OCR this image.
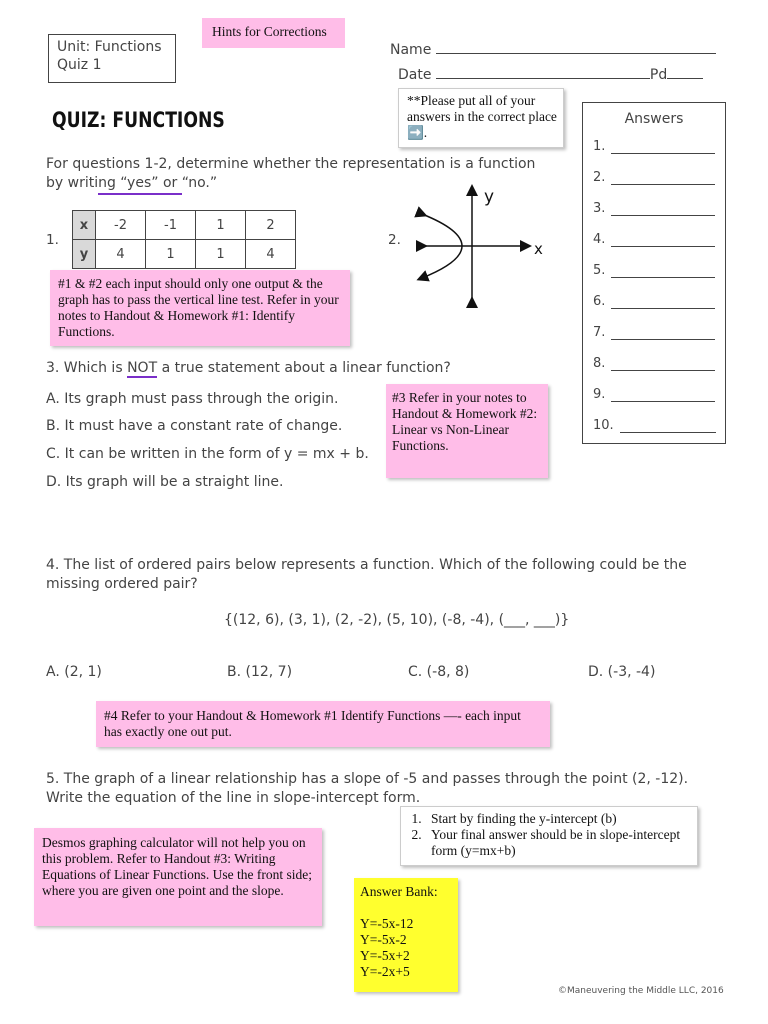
Unit: Functions
Quiz 1
Hints for Corrections
Name
Date	Pd
QUIZ: FUNCTIONS
**Please put all of your answers in the correct place ➡️.
Answers
1.
2.
3.
4.
5.
6.
7.
8.
9.
10.
For questions 1-2, determine whether the representation is a function by writing “yes” or “no.”
1.
x	-2	-1	1	2
y	4	1	1	4
2.
y
x
#1 & #2 each input should only one output & the graph has to pass the vertical line test. Refer in your notes to Handout & Homework #1: Identify Functions.
3. Which is NOT a true statement about a linear function?
A. Its graph must pass through the origin.
B. It must have a constant rate of change.
C. It can be written in the form of y = mx + b.
D. Its graph will be a straight line.
#3 Refer in your notes to Handout & Homework #2: Linear vs Non-Linear Functions.
4. The list of ordered pairs below represents a function. Which of the following could be the missing ordered pair?
{(12, 6), (3, 1), (2, -2), (5, 10), (-8, -4), (___, ___)}
A. (2, 1)	B. (12, 7)	C. (-8, 8)	D. (-3, -4)
#4 Refer to your Handout & Homework #1 Identify Functions —- each input has exactly one out put.
5. The graph of a linear relationship has a slope of -5 and passes through the point (2, -12). Write the equation of the line in slope-intercept form.
1. Start by finding the y-intercept (b)
2. Your final answer should be in slope-intercept form (y=mx+b)
Desmos graphing calculator will not help you on this problem. Refer to Handout #3: Writing Equations of Linear Functions. Use the front side; where you are given one point and the slope.	Answer Bank:
Y=-5x-12
Y=-5x-2
Y=-5x+2
Y=-2x+5
©Maneuvering the Middle LLC, 2016
